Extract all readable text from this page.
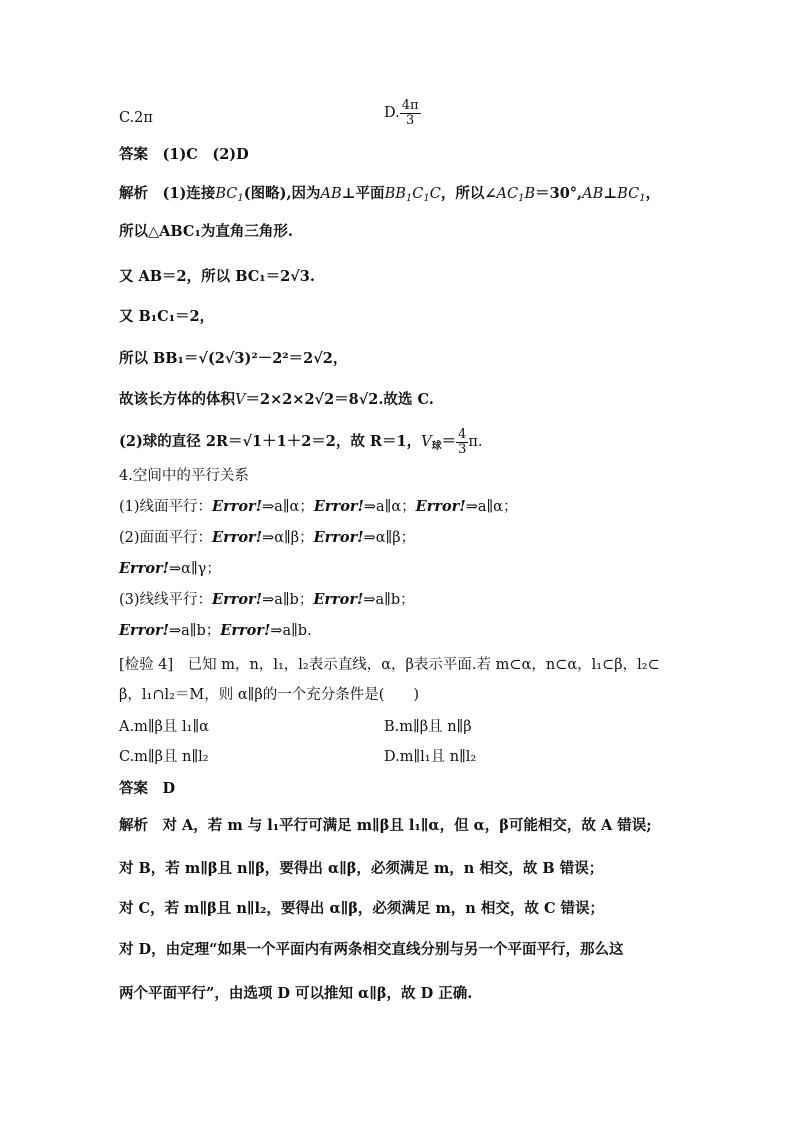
C.2π	D. $\frac{4\pi}{3}$
答案　(1)C　(2)D
解析　(1)连接$BC_1$(图略),因为AB⊥平面$BB_1C_1C$，所以$\angle AC_1B=30^\circ,AB\perp BC_1$，
所以△ABC₁为直角三角形.
又 AB＝2，所以 BC₁＝2√3.
又 B₁C₁＝2，
所以 BB₁＝√(2√3)²－2²＝2√2，
故该长方体的体积V＝2×2×2√2＝8√2.故选 C.
(2)球的直径 2R＝√1＋1＋2＝2，故 R＝1，$V_球= \frac{4}{3} \pi$.
4.空间中的平行关系
(1)线面平行：Error!⇒a∥α；Error!⇒a∥α；Error!⇒a∥α；
(2)面面平行：Error!⇒α∥β；Error!⇒α∥β；
Error!⇒α∥γ；
(3)线线平行：Error!⇒a∥b；Error!⇒a∥b；
Error!⇒a∥b；Error!⇒a∥b.
[检验 4]　已知 m，n，l₁，l₂表示直线，α，β表示平面.若 m⊂α，n⊂α，l₁⊂β，l₂⊂
β，l₁∩l₂＝M，则 α∥β的一个充分条件是(　　)
A.m∥β且 l₁∥α	B.m∥β且 n∥β
C.m∥β且 n∥l₂	D.m∥l₁且 n∥l₂
答案　D
解析　对 A，若 m 与 l₁平行可满足 m∥β且 l₁∥α，但 α，β可能相交，故 A 错误;
对 B，若 m∥β且 n∥β，要得出 α∥β，必须满足 m，n 相交，故 B 错误；
对 C，若 m∥β且 n∥l₂，要得出 α∥β，必须满足 m，n 相交，故 C 错误；
对 D，由定理“如果一个平面内有两条相交直线分别与另一个平面平行，那么这
两个平面平行”，由选项 D 可以推知 α∥β，故 D 正确.
